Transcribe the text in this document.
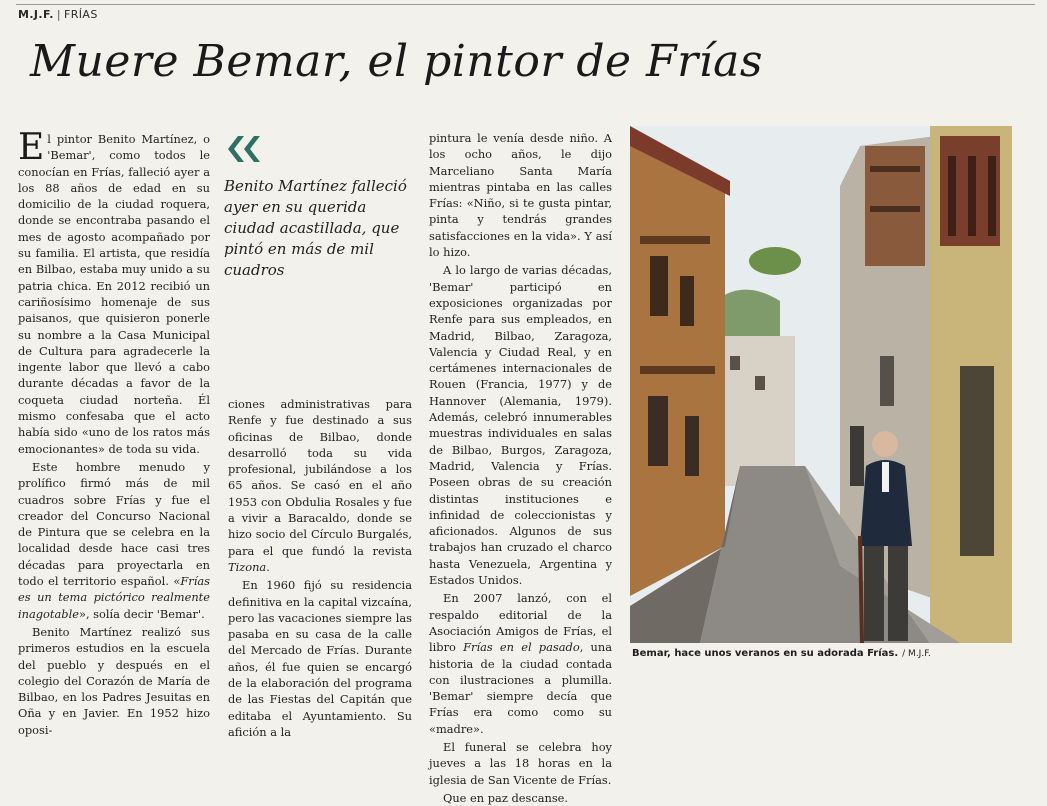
M.J.F. | FRÍAS
Muere Bemar, el pintor de Frías

El pintor Benito Martínez, o 'Bemar', como todos le conocían en Frías, falleció ayer a los 88 años de edad en su domicilio de la ciudad roquera, donde se encontraba pasando el mes de agosto acompañado por su familia. El artista, que residía en Bilbao, estaba muy unido a su patria chica. En 2012 recibió un cariñosísimo homenaje de sus paisanos, que quisieron ponerle su nombre a la Casa Municipal de Cultura para agradecerle la ingente labor que llevó a cabo durante décadas a favor de la coqueta ciudad norteña. Él mismo confesaba que el acto había sido «uno de los ratos más emocionantes» de toda su vida.

Este hombre menudo y prolífico firmó más de mil cuadros sobre Frías y fue el creador del Concurso Nacional de Pintura que se celebra en la localidad desde hace casi tres décadas para proyectarla en todo el territorio español. «Frías es un tema pictórico realmente inagotable», solía decir 'Bemar'.

Benito Martínez realizó sus primeros estudios en la escuela del pueblo y después en el colegio del Corazón de María de Bilbao, en los Padres Jesuitas en Oña y en Javier. En 1952 hizo oposi-

Benito Martínez falleció ayer en su querida ciudad acastillada, que pintó en más de mil cuadros

ciones administrativas para Renfe y fue destinado a sus oficinas de Bilbao, donde desarrolló toda su vida profesional, jubilándose a los 65 años. Se casó en el año 1953 con Obdulia Rosales y fue a vivir a Baracaldo, donde se hizo socio del Círculo Burgalés, para el que fundó la revista Tizona.

En 1960 fijó su residencia definitiva en la capital vizcaína, pero las vacaciones siempre las pasaba en su casa de la calle del Mercado de Frías. Durante años, él fue quien se encargó de la elaboración del programa de las Fiestas del Capitán que editaba el Ayuntamiento. Su afición a la

pintura le venía desde niño. A los ocho años, le dijo Marceliano Santa María mientras pintaba en las calles Frías: «Niño, si te gusta pintar, pinta y tendrás grandes satisfacciones en la vida». Y así lo hizo.

A lo largo de varias décadas, 'Bemar' participó en exposiciones organizadas por Renfe para sus empleados, en Madrid, Bilbao, Zaragoza, Valencia y Ciudad Real, y en certámenes internacionales de Rouen (Francia, 1977) y de Hannover (Alemania, 1979). Además, celebró innumerables muestras individuales en salas de Bilbao, Burgos, Zaragoza, Madrid, Valencia y Frías. Poseen obras de su creación distintas instituciones e infinidad de coleccionistas y aficionados. Algunos de sus trabajos han cruzado el charco hasta Venezuela, Argentina y Estados Unidos.

En 2007 lanzó, con el respaldo editorial de la Asociación Amigos de Frías, el libro Frías en el pasado, una historia de la ciudad contada con ilustraciones a plumilla. 'Bemar' siempre decía que Frías era como como su «madre».

El funeral se celebra hoy jueves a las 18 horas en la iglesia de San Vicente de Frías.

Que en paz descanse.

Bemar, hace unos veranos en su adorada Frías. / M.J.F.
